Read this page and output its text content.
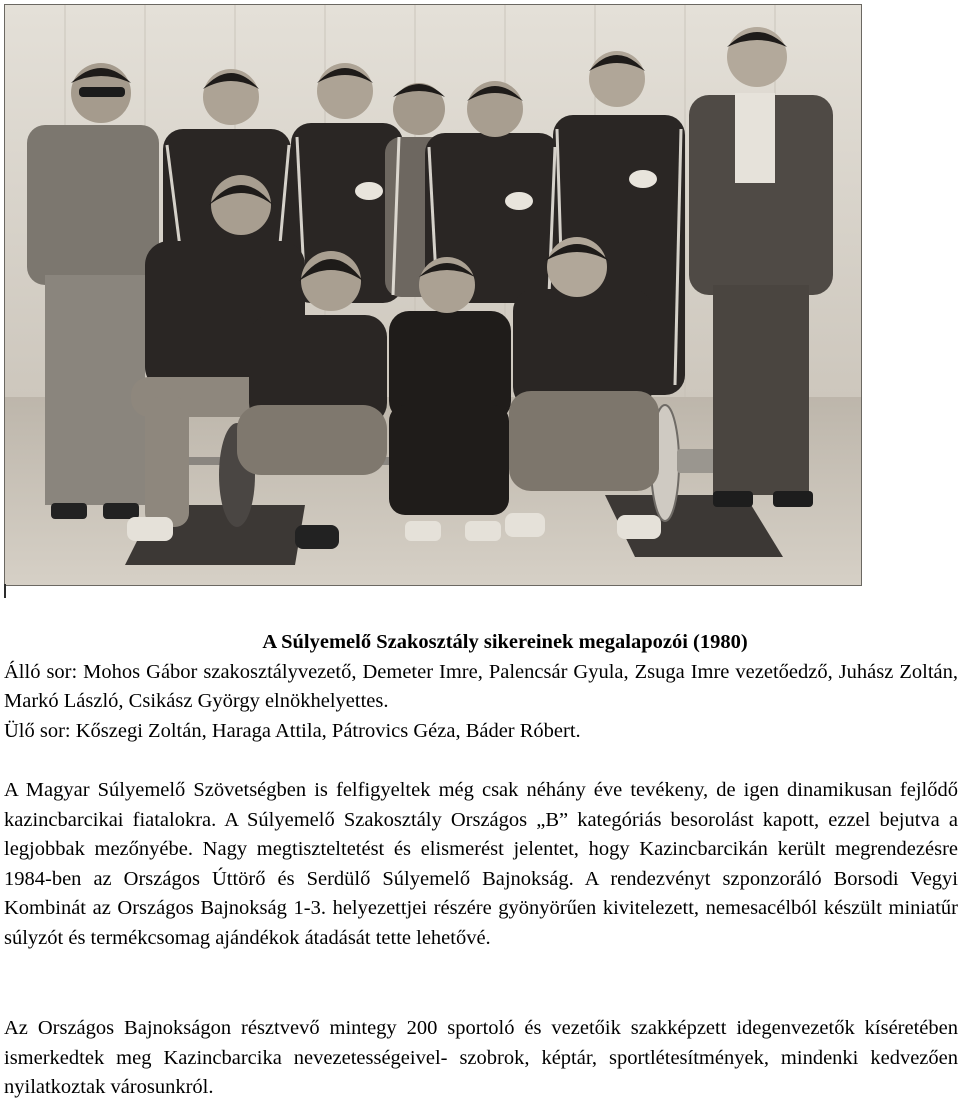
A Súlyemelő Szakosztály sikereinek megalapozói (1980)

Álló sor: Mohos Gábor szakosztályvezető, Demeter Imre, Palencsár Gyula, Zsuga Imre vezetőedző, Juhász Zoltán, Markó László, Csikász György elnökhelyettes.

Ülő sor: Kőszegi Zoltán, Haraga Attila, Pátrovics Géza, Báder Róbert.

A Magyar Súlyemelő Szövetségben is felfigyeltek még csak néhány éve tevékeny, de igen dinamikusan fejlődő kazincbarcikai fiatalokra. A Súlyemelő Szakosztály Országos „B” kategóriás besorolást kapott, ezzel bejutva a legjobbak mezőnyébe. Nagy megtiszteltetést és elismerést jelentet, hogy Kazincbarcikán került megrendezésre 1984-ben az Országos Úttörő és Serdülő Súlyemelő Bajnokság. A rendezvényt szponzoráló Borsodi Vegyi Kombinát az Országos Bajnokság 1-3. helyezettjei részére gyönyörűen kivitelezett, nemesacélból készült miniatűr súlyzót és termékcsomag ajándékok átadását tette lehetővé.

Az Országos Bajnokságon résztvevő mintegy 200 sportoló és vezetőik szakképzett idegenvezetők kíséretében ismerkedtek meg Kazincbarcika nevezetességeivel- szobrok, képtár, sportlétesítmények, mindenki kedvezően nyilatkoztak városunkról.
